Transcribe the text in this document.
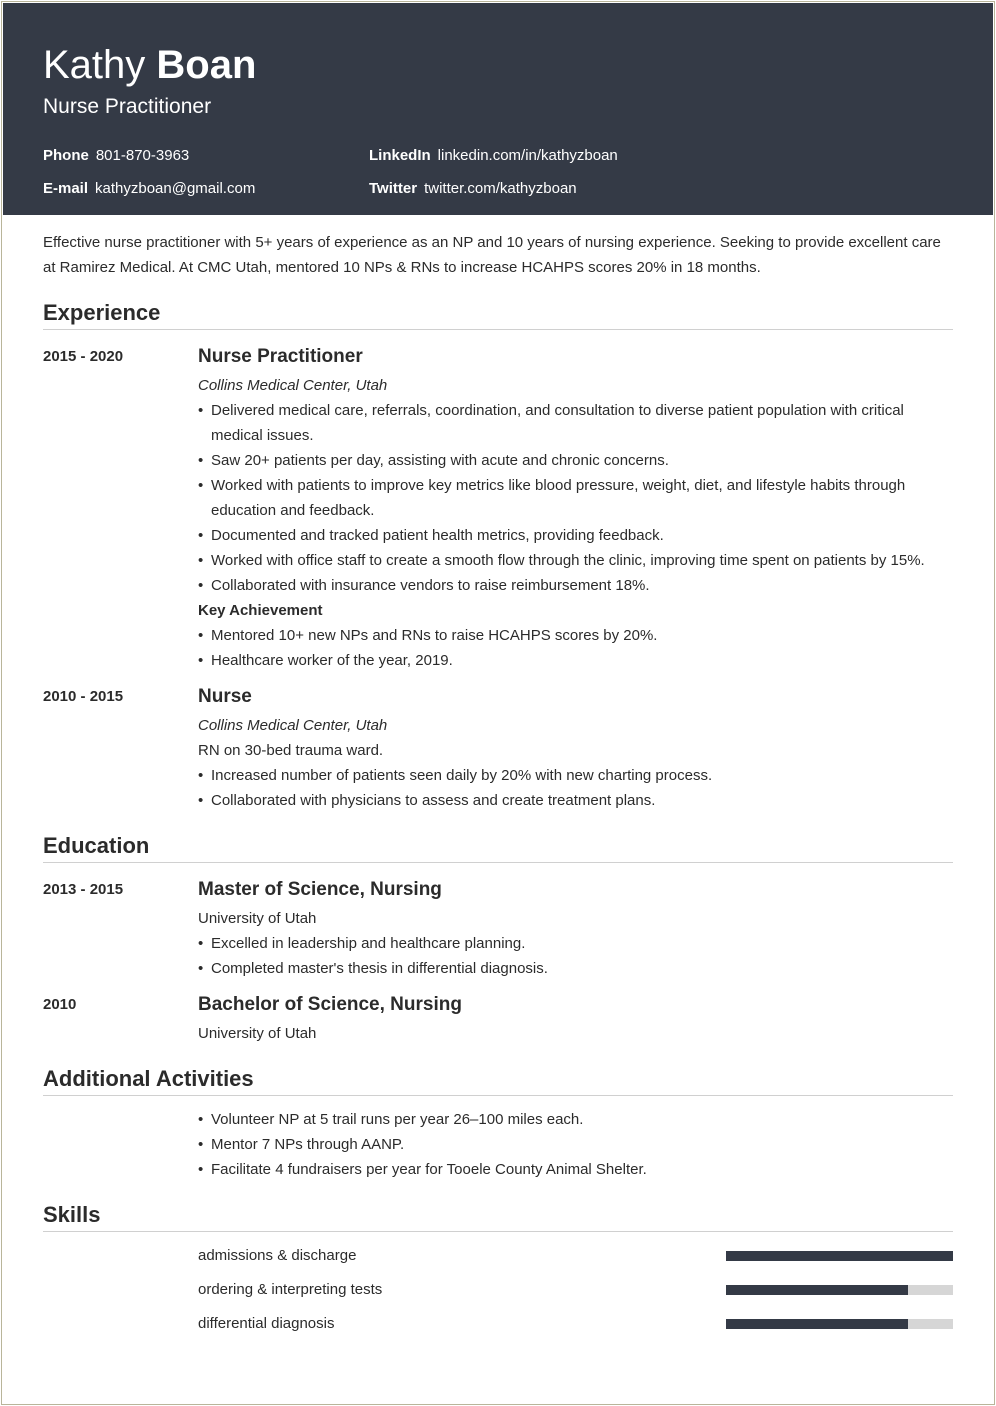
Kathy Boan
Nurse Practitioner
Phone 801-870-3963	LinkedIn linkedin.com/in/kathyzboan
E-mail kathyzboan@gmail.com	Twitter twitter.com/kathyzboan
Effective nurse practitioner with 5+ years of experience as an NP and 10 years of nursing experience. Seeking to provide excellent care at Ramirez Medical. At CMC Utah, mentored 10 NPs & RNs to increase HCAHPS scores 20% in 18 months.
Experience
2015 - 2020	Nurse Practitioner
Collins Medical Center, Utah
• Delivered medical care, referrals, coordination, and consultation to diverse patient population with critical medical issues.
• Saw 20+ patients per day, assisting with acute and chronic concerns.
• Worked with patients to improve key metrics like blood pressure, weight, diet, and lifestyle habits through education and feedback.
• Documented and tracked patient health metrics, providing feedback.
• Worked with office staff to create a smooth flow through the clinic, improving time spent on patients by 15%.
• Collaborated with insurance vendors to raise reimbursement 18%.
Key Achievement
• Mentored 10+ new NPs and RNs to raise HCAHPS scores by 20%.
• Healthcare worker of the year, 2019.
2010 - 2015	Nurse
Collins Medical Center, Utah
RN on 30-bed trauma ward.
• Increased number of patients seen daily by 20% with new charting process.
• Collaborated with physicians to assess and create treatment plans.
Education
2013 - 2015	Master of Science, Nursing
University of Utah
• Excelled in leadership and healthcare planning.
• Completed master's thesis in differential diagnosis.
2010	Bachelor of Science, Nursing
University of Utah
Additional Activities
• Volunteer NP at 5 trail runs per year 26–100 miles each.
• Mentor 7 NPs through AANP.
• Facilitate 4 fundraisers per year for Tooele County Animal Shelter.
Skills
admissions & discharge
ordering & interpreting tests
differential diagnosis
